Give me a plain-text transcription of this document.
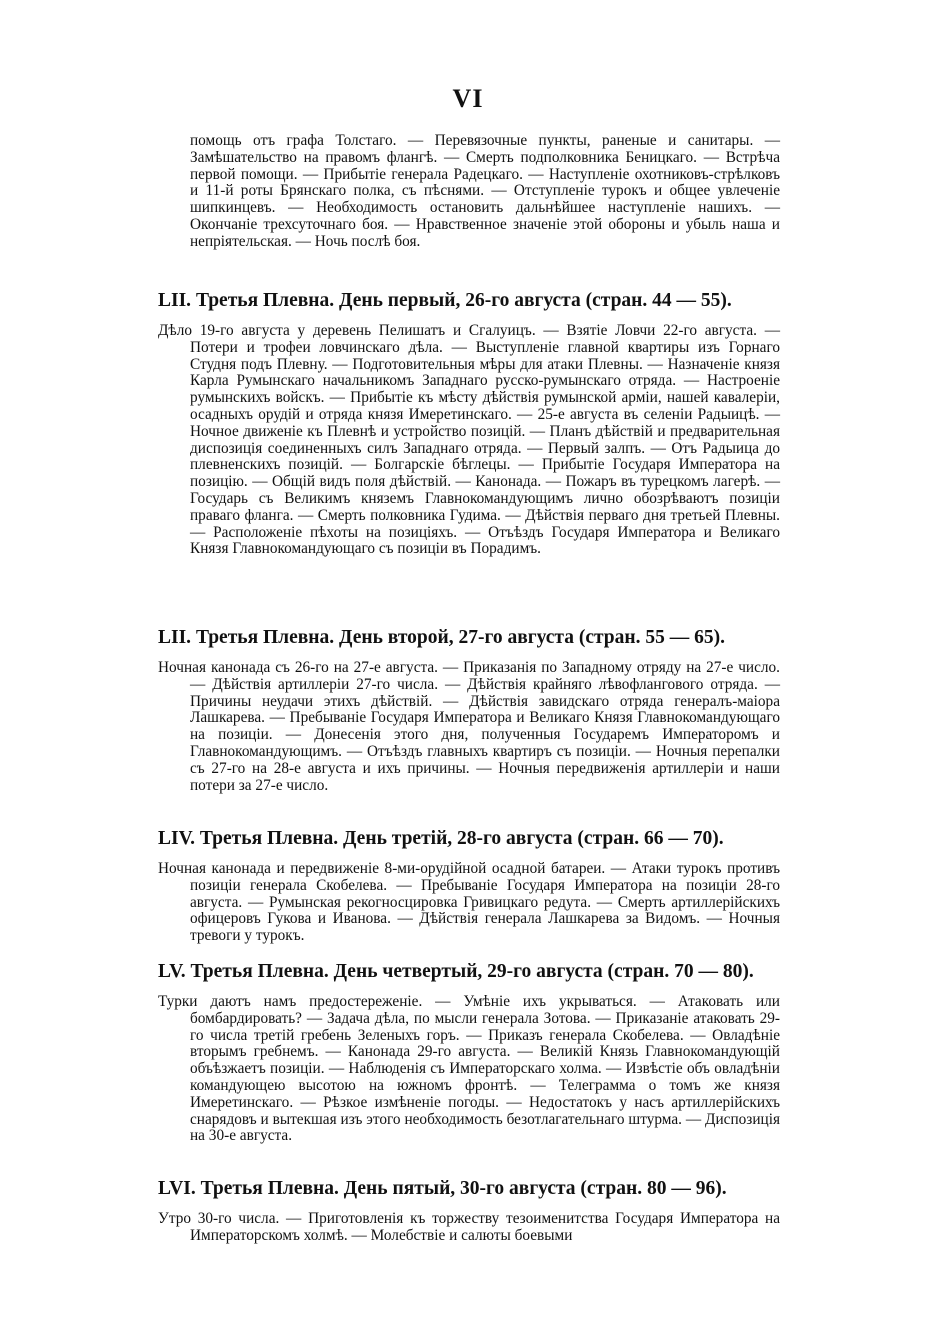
VI

помощь отъ графа Толстаго. — Перевязочные пункты, раненые и санитары. — Замѣшательство на правомъ флангѣ. — Смерть подполковника Беницкаго. — Встрѣча первой помощи. — Прибытіе генерала Радецкаго. — Наступленіе охотниковъ-стрѣлковъ и 11-й роты Брянскаго полка, съ пѣснями. — Отступленіе турокъ и общее увлеченіе шипкинцевъ. — Необходимость остановить дальнѣйшее наступленіе нашихъ. — Окончаніе трехсуточнаго боя. — Нравственное значеніе этой обороны и убыль наша и непріятельская. — Ночь послѣ боя.

LII. Третья Плевна. День первый, 26-го августа (стран. 44 — 55).

Дѣло 19-го августа у деревень Пелишатъ и Сгалуицъ. — Взятіе Ловчи 22-го августа. — Потери и трофеи ловчинскаго дѣла. — Выступленіе главной квартиры изъ Горнаго Студня подъ Плевну. — Подготовительныя мѣры для атаки Плевны. — Назначеніе князя Карла Румынскаго начальникомъ Западнаго русско-румынскаго отряда. — Настроеніе румынскихъ войскъ. — Прибытіе къ мѣсту дѣйствія румынской арміи, нашей кавалеріи, осадныхъ орудій и отряда князя Имеретинскаго. — 25-е августа въ селеніи Радыицѣ. — Ночное движеніе къ Плевнѣ и устройство позицій. — Планъ дѣйствій и предварительная диспозиція соединенныхъ силъ Западнаго отряда. — Первый залпъ. — Отъ Радыица до плевненскихъ позицій. — Болгарскіе бѣглецы. — Прибытіе Государя Императора на позицію. — Общій видъ поля дѣйствій. — Канонада. — Пожаръ въ турецкомъ лагерѣ. — Государь съ Великимъ княземъ Главнокомандующимъ лично обозрѣваютъ позиціи праваго фланга. — Смерть полковника Гудима. — Дѣйствія перваго дня третьей Плевны. — Расположеніе пѣхоты на позиціяхъ. — Отъѣздъ Государя Императора и Великаго Князя Главнокомандующаго съ позиціи въ Порадимъ.

LII. Третья Плевна. День второй, 27-го августа (стран. 55 — 65).

Ночная канонада съ 26-го на 27-е августа. — Приказанія по Западному отряду на 27-е число. — Дѣйствія артиллеріи 27-го числа. — Дѣйствія крайняго лѣвофлангового отряда. — Причины неудачи этихъ дѣйствій. — Дѣйствія завидскаго отряда генералъ-маіора Лашкарева. — Пребываніе Государя Императора и Великаго Князя Главнокомандующаго на позиціи. — Донесенія этого дня, полученныя Государемъ Императоромъ и Главнокомандующимъ. — Отъѣздъ главныхъ квартиръ съ позиціи. — Ночныя перепалки съ 27-го на 28-е августа и ихъ причины. — Ночныя передвиженія артиллеріи и наши потери за 27-е число.

LIV. Третья Плевна. День третій, 28-го августа (стран. 66 — 70).

Ночная канонада и передвиженіе 8-ми-орудійной осадной батареи. — Атаки турокъ противъ позиціи генерала Скобелева. — Пребываніе Государя Императора на позиціи 28-го августа. — Румынская рекогносцировка Гривицкаго редута. — Смерть артиллерійскихъ офицеровъ Гукова и Иванова. — Дѣйствія генерала Лашкарева за Видомъ. — Ночныя тревоги у турокъ.

LV. Третья Плевна. День четвертый, 29-го августа (стран. 70 — 80).

Турки даютъ намъ предостереженіе. — Умѣніе ихъ укрываться. — Атаковать или бомбардировать? — Задача дѣла, по мысли генерала Зотова. — Приказаніе атаковать 29-го числа третій гребень Зеленыхъ горъ. — Приказъ генерала Скобелева. — Овладѣніе вторымъ гребнемъ. — Канонада 29-го августа. — Великій Князь Главнокомандующій объѣзжаетъ позиціи. — Наблюденія съ Императорскаго холма. — Извѣстіе объ овладѣніи командующею высотою на южномъ фронтѣ. — Телеграмма о томъ же князя Имеретинскаго. — Рѣзкое измѣненіе погоды. — Недостатокъ у насъ артиллерійскихъ снарядовъ и вытекшая изъ этого необходимость безотлагательнаго штурма. — Диспозиція на 30-е августа.

LVI. Третья Плевна. День пятый, 30-го августа (стран. 80 — 96).

Утро 30-го числа. — Приготовленія къ торжеству тезоименитства Государя Императора на Императорскомъ холмѣ. — Молебствіе и салюты боевыми
